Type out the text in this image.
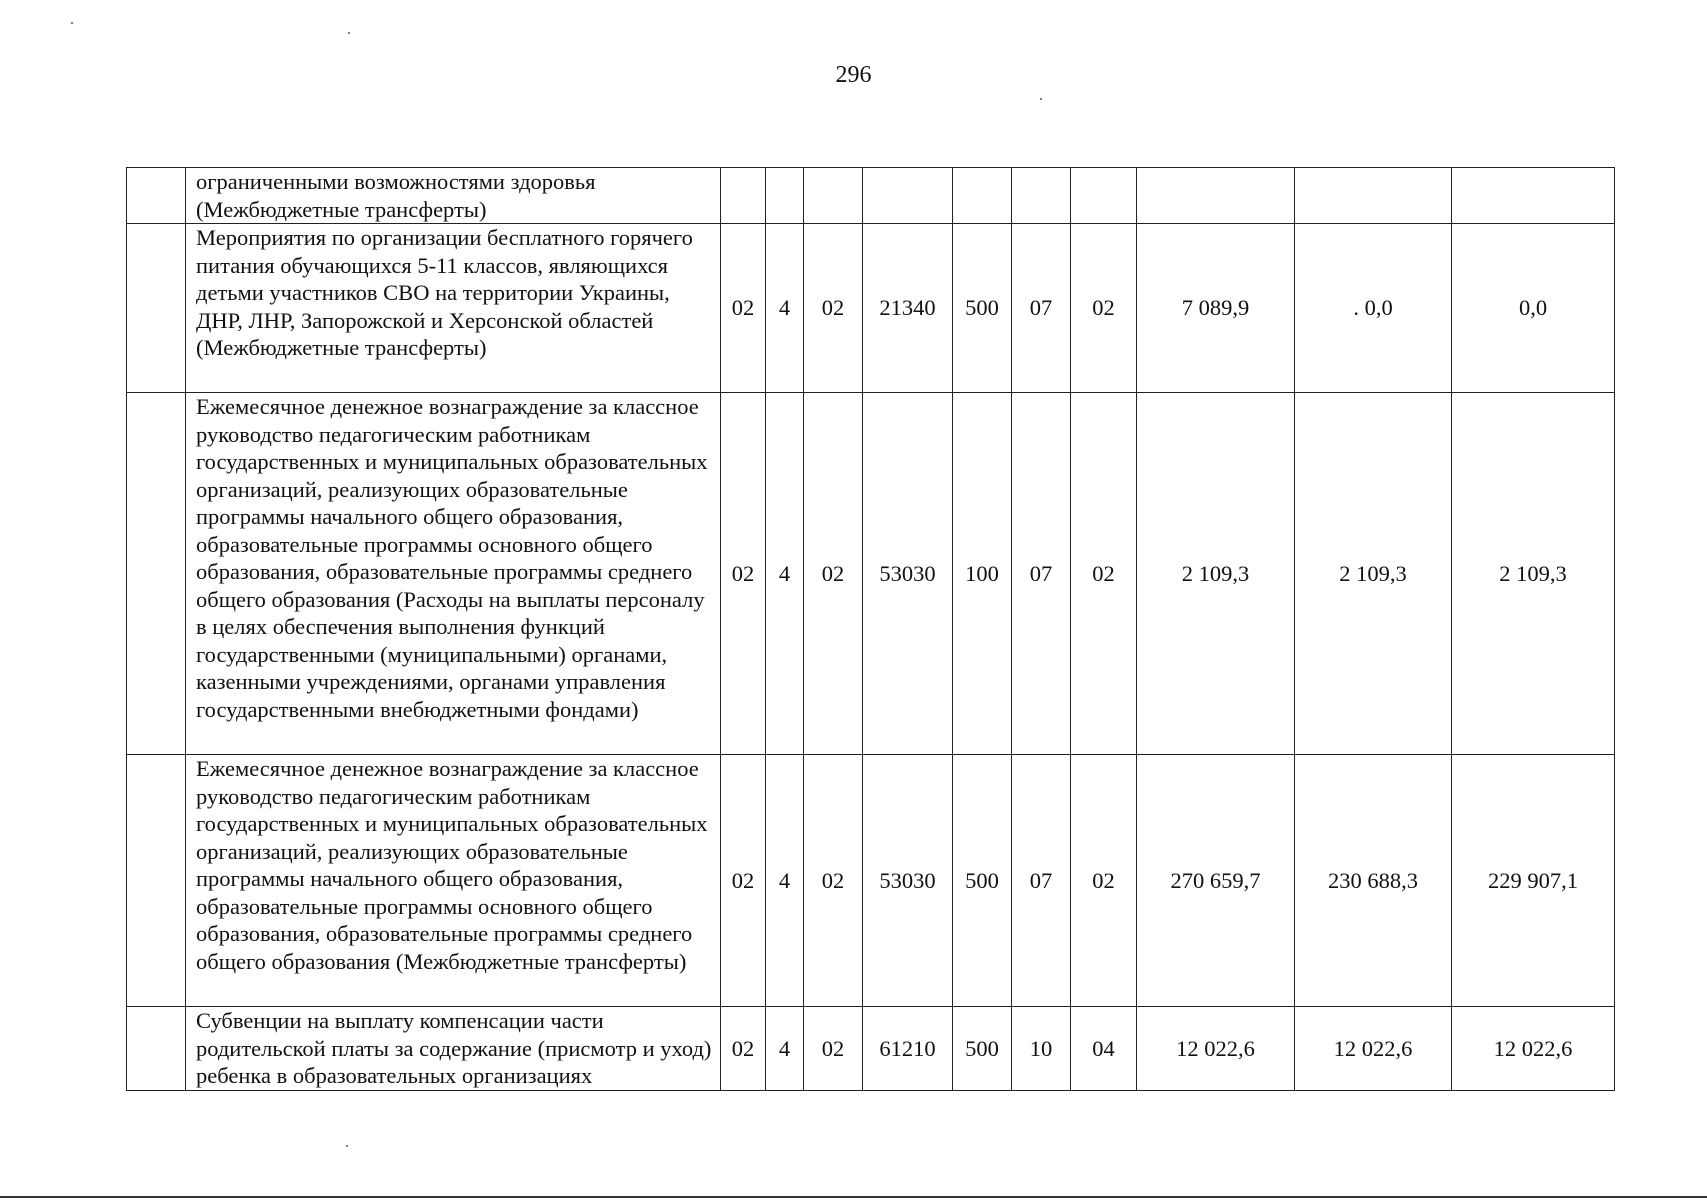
296
	ограниченными возможностями здоровья (Межбюджетные трансферты)										
	Мероприятия по организации бесплатного горячего питания обучающихся 5-11 классов, являющихся детьми участников СВО на территории Украины, ДНР, ЛНР, Запорожской и Херсонской областей (Межбюджетные трансферты)	02	4	02	21340	500	07	02	7 089,9	. 0,0	0,0
	Ежемесячное денежное вознаграждение за классное руководство педагогическим работникам государственных и муниципальных образовательных организаций, реализующих образовательные программы начального общего образования, образовательные программы основного общего образования, образовательные программы среднего общего образования (Расходы на выплаты персоналу в целях обеспечения выполнения функций государственными (муниципальными) органами, казенными учреждениями, органами управления государственными внебюджетными фондами)	02	4	02	53030	100	07	02	2 109,3	2 109,3	2 109,3
	Ежемесячное денежное вознаграждение за классное руководство педагогическим работникам государственных и муниципальных образовательных организаций, реализующих образовательные программы начального общего образования, образовательные программы основного общего образования, образовательные программы среднего общего образования (Межбюджетные трансферты)	02	4	02	53030	500	07	02	270 659,7	230 688,3	229 907,1
	Субвенции на выплату компенсации части родительской платы за содержание (присмотр и уход) ребенка в образовательных организациях	02	4	02	61210	500	10	04	12 022,6	12 022,6	12 022,6
